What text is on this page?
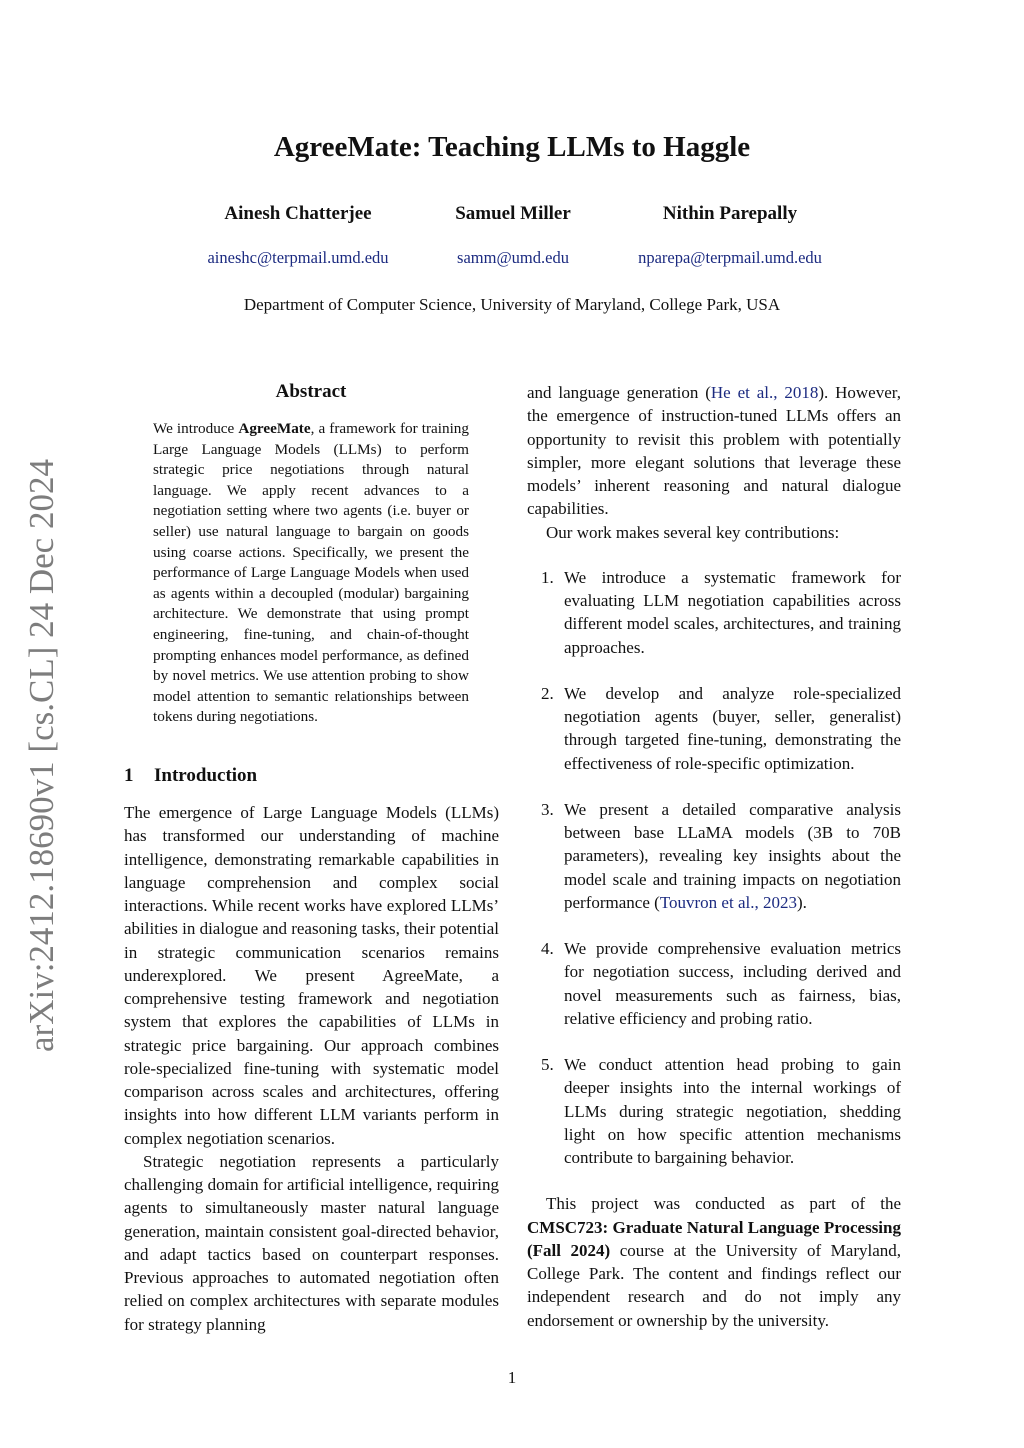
AgreeMate: Teaching LLMs to Haggle
Ainesh Chatterjee	Samuel Miller	Nithin Parepally
aineshc@terpmail.umd.edu	samm@umd.edu	nparepa@terpmail.umd.edu
Department of Computer Science, University of Maryland, College Park, USA
arXiv:2412.18690v1 [cs.CL] 24 Dec 2024
Abstract
We introduce AgreeMate, a framework for training Large Language Models (LLMs) to perform strategic price negotiations through natural language. We apply recent advances to a negotiation setting where two agents (i.e. buyer or seller) use natural language to bargain on goods using coarse actions. Specifically, we present the performance of Large Language Models when used as agents within a decoupled (modular) bargaining architecture. We demonstrate that using prompt engineering, fine-tuning, and chain-of-thought prompting enhances model performance, as defined by novel metrics. We use attention probing to show model attention to semantic relationships between tokens during negotiations.
1 Introduction

The emergence of Large Language Models (LLMs) has transformed our understanding of machine intelligence, demonstrating remarkable capabilities in language comprehension and complex social interactions. While recent works have explored LLMs’ abilities in dialogue and reasoning tasks, their potential in strategic communication scenarios remains underexplored. We present AgreeMate, a comprehensive testing framework and negotiation system that explores the capabilities of LLMs in strategic price bargaining. Our approach combines role-specialized fine-tuning with systematic model comparison across scales and architectures, offering insights into how different LLM variants perform in complex negotiation scenarios.

Strategic negotiation represents a particularly challenging domain for artificial intelligence, requiring agents to simultaneously master natural language generation, maintain consistent goal-directed behavior, and adapt tactics based on counterpart responses. Previous approaches to automated negotiation often relied on complex architectures with separate modules for strategy planning

and language generation (He et al., 2018). However, the emergence of instruction-tuned LLMs offers an opportunity to revisit this problem with potentially simpler, more elegant solutions that leverage these models’ inherent reasoning and natural dialogue capabilities.

Our work makes several key contributions:

1. We introduce a systematic framework for evaluating LLM negotiation capabilities across different model scales, architectures, and training approaches.
2. We develop and analyze role-specialized negotiation agents (buyer, seller, generalist) through targeted fine-tuning, demonstrating the effectiveness of role-specific optimization.
3. We present a detailed comparative analysis between base LLaMA models (3B to 70B parameters), revealing key insights about the model scale and training impacts on negotiation performance (Touvron et al., 2023).
4. We provide comprehensive evaluation metrics for negotiation success, including derived and novel measurements such as fairness, bias, relative efficiency and probing ratio.
5. We conduct attention head probing to gain deeper insights into the internal workings of LLMs during strategic negotiation, shedding light on how specific attention mechanisms contribute to bargaining behavior.

This project was conducted as part of the CMSC723: Graduate Natural Language Processing (Fall 2024) course at the University of Maryland, College Park. The content and findings reflect our independent research and do not imply any endorsement or ownership by the university.

1
